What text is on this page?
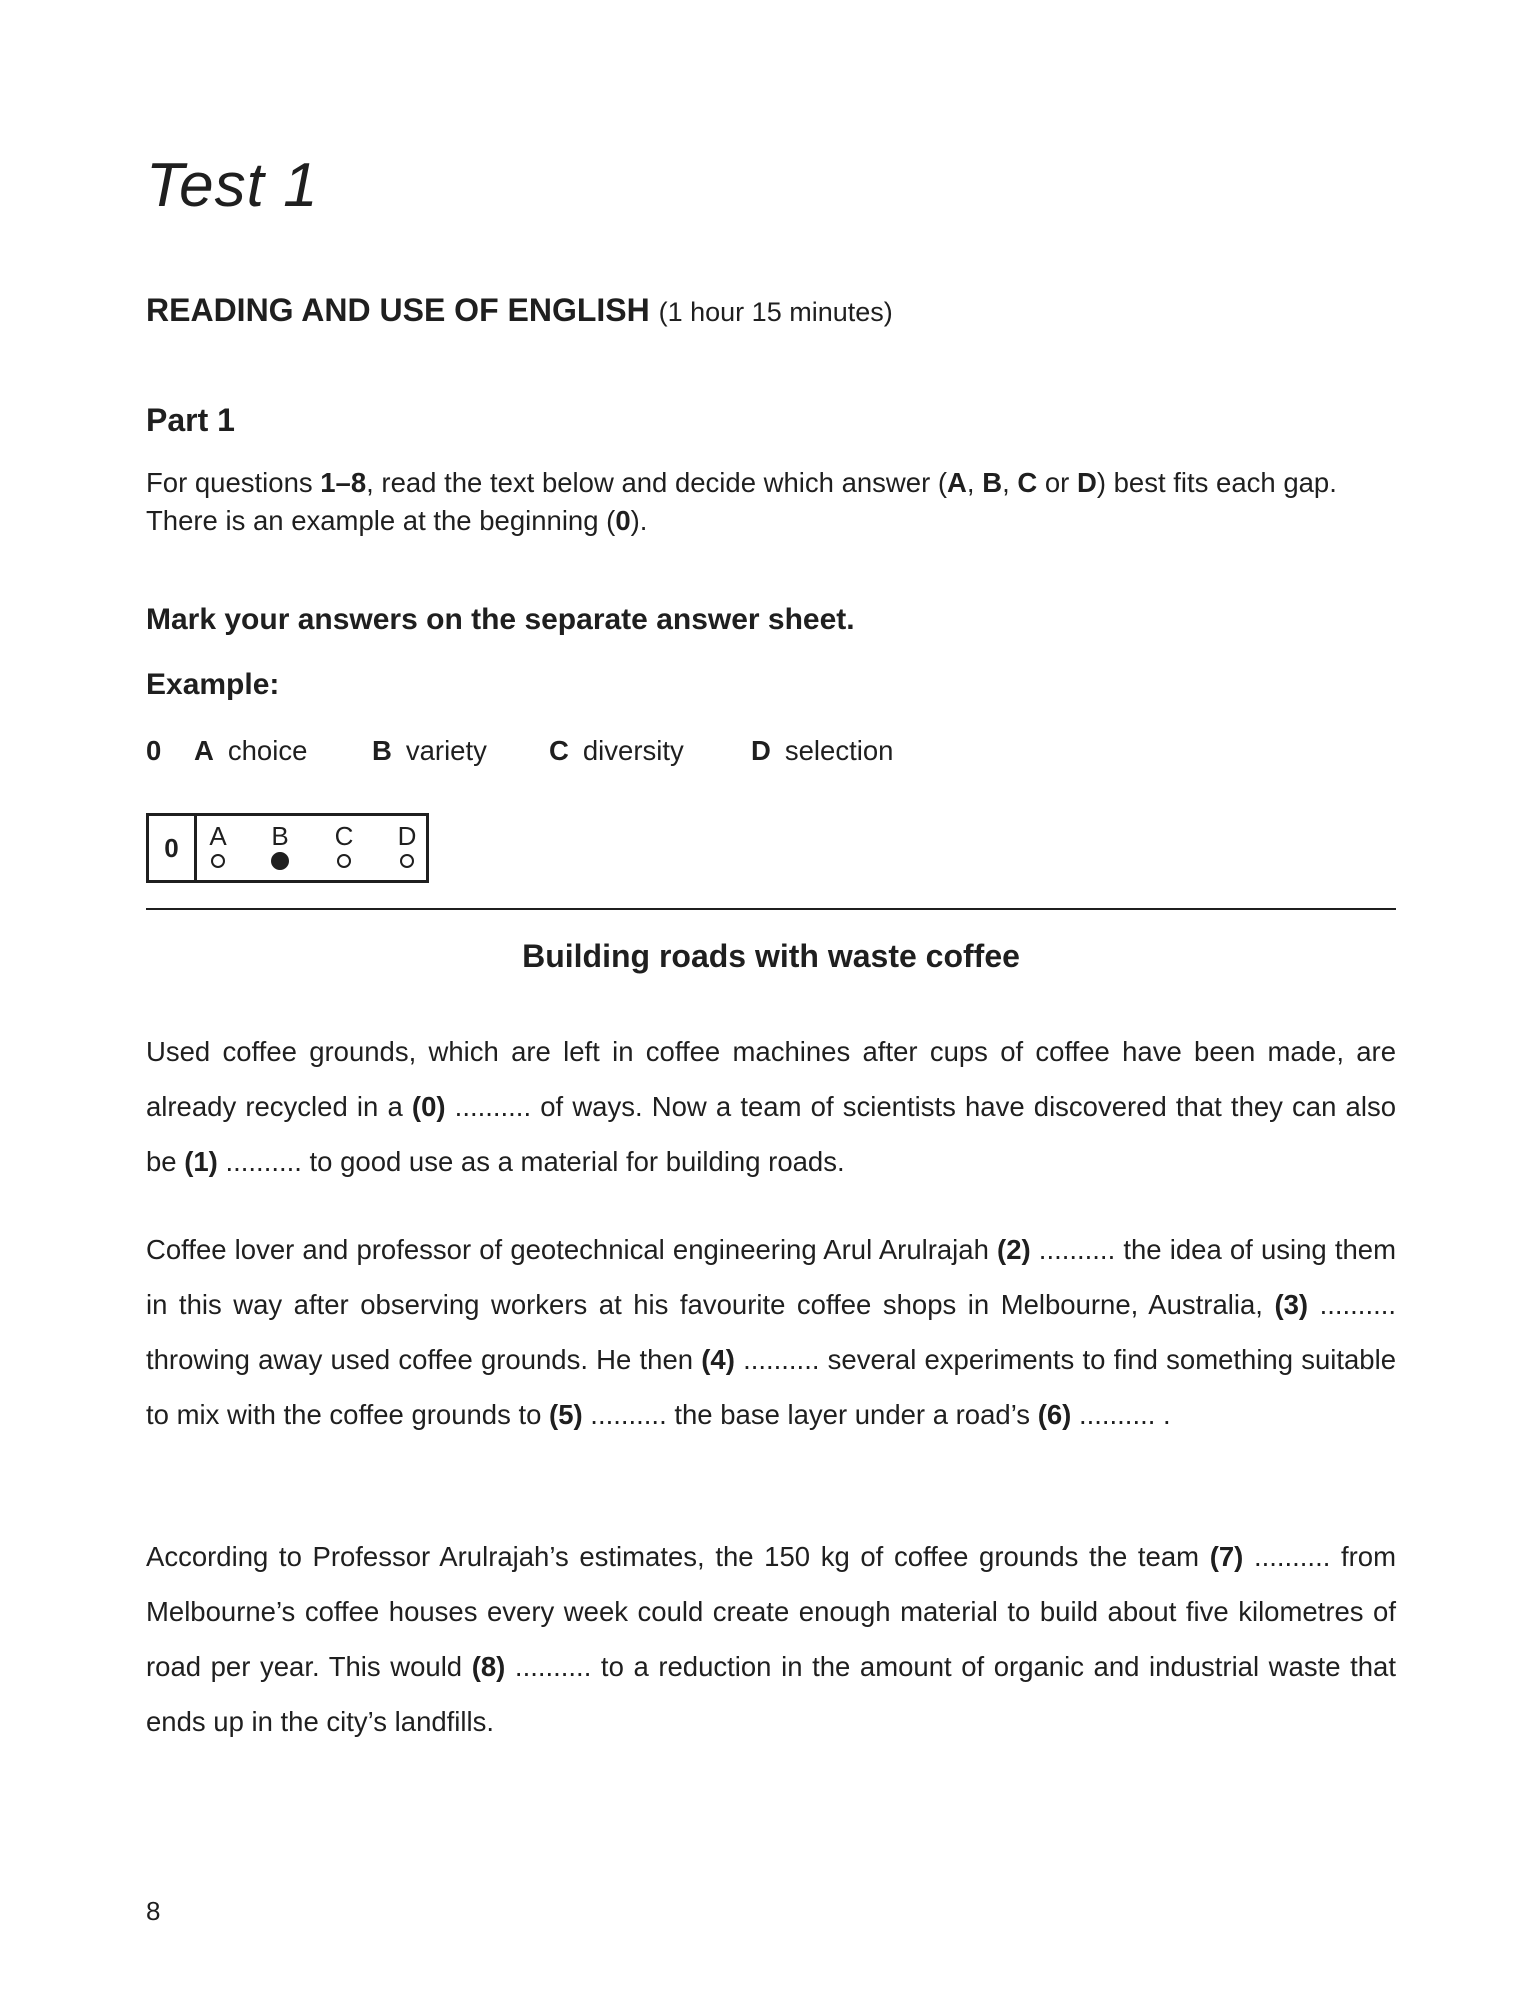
Test 1
READING AND USE OF ENGLISH (1 hour 15 minutes)
Part 1
For questions 1–8, read the text below and decide which answer (A, B, C or D) best fits each gap.
There is an example at the beginning (0).
Mark your answers on the separate answer sheet.
Example:
0 A choice B variety C diversity D selection
0	A B C D
Building roads with waste coffee
Used coffee grounds, which are left in coffee machines after cups of coffee have been made, are already recycled in a (0) .......... of ways. Now a team of scientists have discovered that they can also be (1) .......... to good use as a material for building roads.
Coffee lover and professor of geotechnical engineering Arul Arulrajah (2) .......... the idea of using them in this way after observing workers at his favourite coffee shops in Melbourne, Australia, (3) .......... throwing away used coffee grounds. He then (4) .......... several experiments to find something suitable to mix with the coffee grounds to (5) .......... the base layer under a road’s (6) .......... .
According to Professor Arulrajah’s estimates, the 150 kg of coffee grounds the team (7) .......... from Melbourne’s coffee houses every week could create enough material to build about five kilometres of road per year. This would (8) .......... to a reduction in the amount of organic and industrial waste that ends up in the city’s landfills.
8
